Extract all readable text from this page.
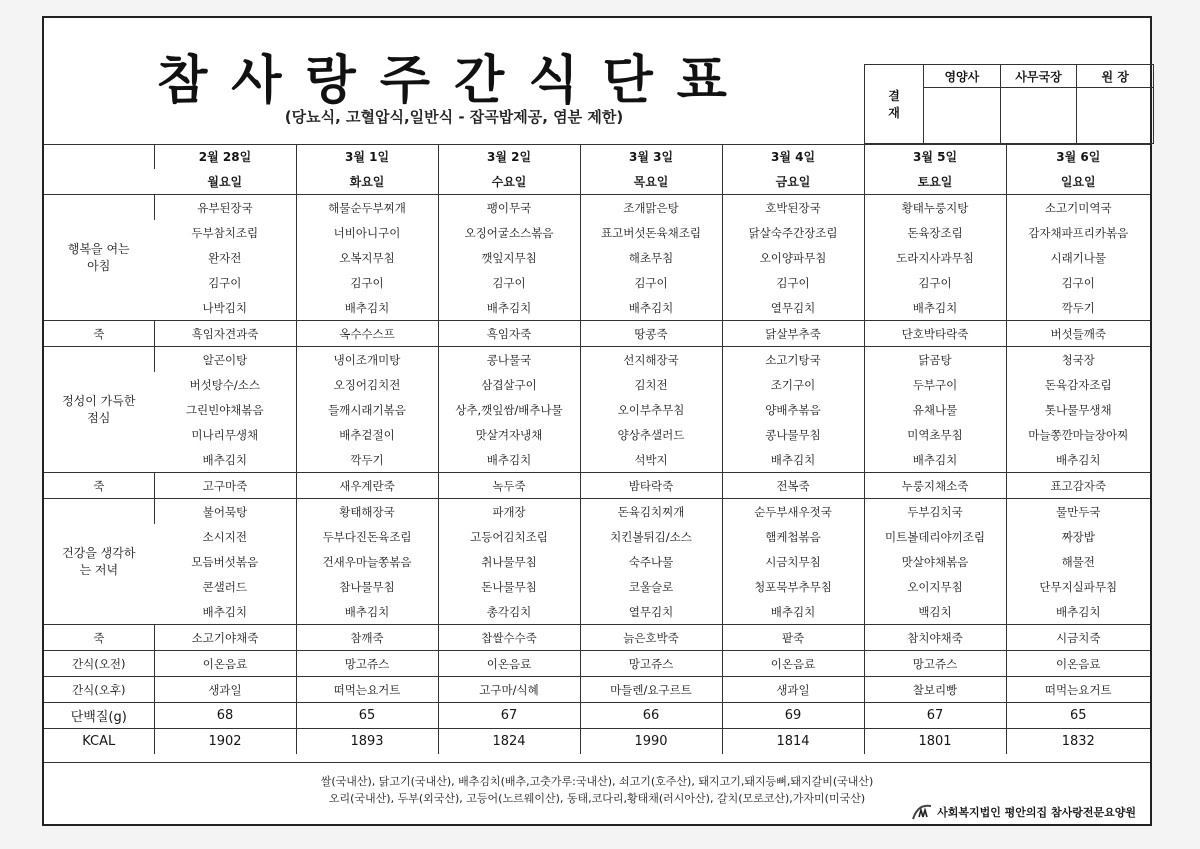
참사랑주간식단표
(당뇨식, 고혈압식,일반식 - 잡곡밥제공, 염분 제한)
결
재	영양사	사무국장	원 장

	2월 28일	3월 1일	3월 2일	3월 3일	3월 4일	3월 5일	3월 6일
	월요일	화요일	수요일	목요일	금요일	토요일	일요일
행복을 여는
아침	유부된장국	해물순두부찌개	팽이무국	조개맑은탕	호박된장국	황태누룽지탕	소고기미역국
	두부참치조림	너비아니구이	오징어굴소스볶음	표고버섯돈육채조림	닭살숙주간장조림	돈육장조림	감자채파프리카볶음
	완자전	오복지무침	깻잎지무침	해초무침	오이양파무침	도라지사과무침	시래기나물
	김구이	김구이	김구이	김구이	김구이	김구이	김구이
	나박김치	배추김치	배추김치	배추김치	열무김치	배추김치	깍두기
죽	흑임자견과죽	옥수수스프	흑임자죽	땅콩죽	닭살부추죽	단호박타락죽	버섯들깨죽
정성이 가득한
점심	알곤이탕	냉이조개미탕	콩나물국	선지해장국	소고기탕국	닭곰탕	청국장
	버섯탕수/소스	오징어김치전	삼겹살구이	김치전	조기구이	두부구이	돈육감자조림
	그린빈야채볶음	들깨시래기볶음	상추,깻잎쌈/배추나물	오이부추무침	양배추볶음	유채나물	톳나물무생채
	미나리무생채	배추겉절이	맛살겨자냉채	양상추샐러드	콩나물무침	미역초무침	마늘쫑깐마늘장아찌
	배추김치	깍두기	배추김치	석박지	배추김치	배추김치	배추김치
죽	고구마죽	새우계란죽	녹두죽	밤타락죽	전복죽	누룽지채소죽	표고감자죽
건강을 생각하
는 저녁	불어묵탕	황태해장국	파개장	돈육김치찌개	순두부새우젓국	두부김치국	물만두국
	소시지전	두부다진돈육조림	고등어김치조림	치킨볼튀김/소스	햄케첩볶음	미트볼데리야끼조림	짜장밥
	모듬버섯볶음	건새우마늘쫑볶음	취나물무침	숙주나물	시금치무침	맛살야채볶음	해물전
	콘샐러드	참나물무침	돈나물무침	코울슬로	청포묵부추무침	오이지무침	단무지실파무침
	배추김치	배추김치	총각김치	열무김치	배추김치	백김치	배추김치
죽	소고기야채죽	참깨죽	찹쌀수수죽	늙은호박죽	팥죽	참치야채죽	시금치죽
간식(오전)	이온음료	망고쥬스	이온음료	망고쥬스	이온음료	망고쥬스	이온음료
간식(오후)	생과일	떠먹는요거트	고구마/식혜	마들렌/요구르트	생과일	찰보리빵	떠먹는요거트
단백질(g)	68	65	67	66	69	67	65
KCAL	1902	1893	1824	1990	1814	1801	1832
쌀(국내산), 닭고기(국내산), 배추김치(배추,고춧가루:국내산), 쇠고기(호주산), 돼지고기,돼지등뼈,돼지갈비(국내산)
오리(국내산), 두부(외국산), 고등어(노르웨이산), 동태,코다리,황태채(러시아산), 갈치(모로코산),가자미(미국산)
사회복지법인 평안의집 참사랑전문요양원
